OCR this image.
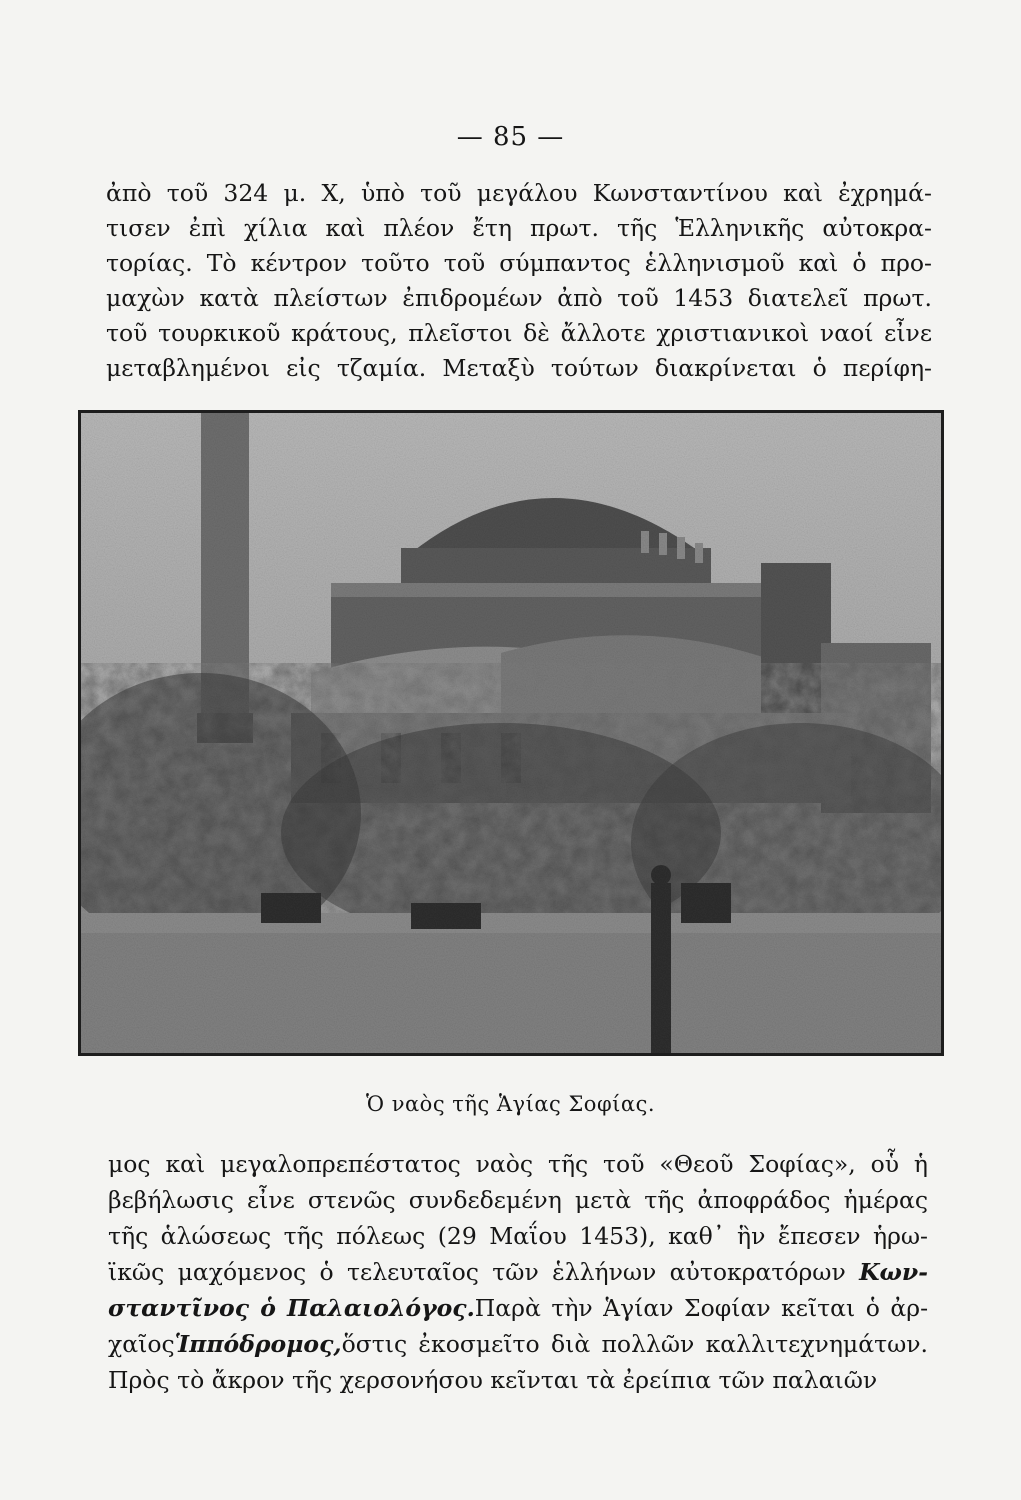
— 85 —
ἀπὸ τοῦ 324 μ. Χ, ὑπὸ τοῦ μεγάλου Κωνσταντίνου καὶ ἐχρημά-
τισεν ἐπὶ χίλια καὶ πλέον ἔτη πρωτ. τῆς Ἑλληνικῆς αὐτοκρα-
τορίας. Τὸ κέντρον τοῦτο τοῦ σύμπαντος ἑλληνισμοῦ καὶ ὁ προ-
μαχὼν κατὰ πλείστων ἐπιδρομέων ἀπὸ τοῦ 1453 διατελεῖ πρωτ.
τοῦ τουρκικοῦ κράτους, πλεῖστοι δὲ ἄλλοτε χριστιανικοὶ ναοί εἶνε
μεταβλημένοι εἰς τζαμία. Μεταξὺ τούτων διακρίνεται ὁ περίφη-
Ὁ ναὸς τῆς Ἁγίας Σοφίας.
μος καὶ μεγαλοπρεπέστατος ναὸς τῆς τοῦ «Θεοῦ Σοφίας», οὗ ἡ
βεβήλωσις εἶνε στενῶς συνδεδεμένη μετὰ τῆς ἀποφράδος ἡμέρας
τῆς ἁλώσεως τῆς πόλεως (29 Μαΐου 1453), καθ᾽ ἣν ἔπεσεν ἡρω-
ϊκῶς μαχόμενος ὁ τελευταῖος τῶν ἑλλήνων αὐτοκρατόρων Κων-
σταντῖνος ὁ Παλαιολόγος.Παρὰ τὴν Ἁγίαν Σοφίαν κεῖται ὁ ἀρ-
χαῖοςἹππόδρομος,ὅστις ἐκοσμεῖτο διὰ πολλῶν καλλιτεχνημάτων.
Πρὸς τὸ ἄκρον τῆς χερσονήσου κεῖνται τὰ ἐρείπια τῶν παλαιῶν
